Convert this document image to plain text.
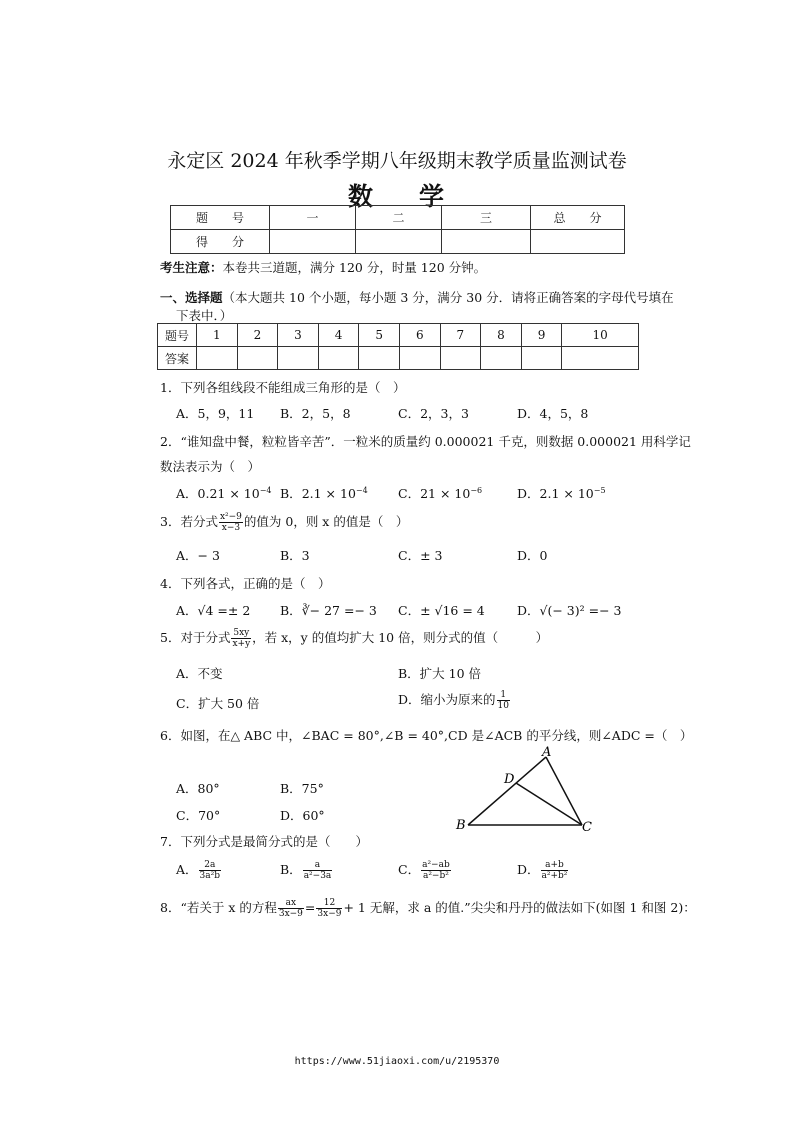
永定区 2024 年秋季学期八年级期末教学质量监测试卷
数 学
题　　号	一	二	三	总　　分
得　　分				
考生注意：本卷共三道题，满分 120 分，时量 120 分钟。
一、选择题（本大题共 10 个小题，每小题 3 分，满分 30 分．请将正确答案的字母代号填在
下表中．）
题号	1	2	3	4	5	6	7	8	9	10
答案										
1．下列各组线段不能组成三角形的是（　）
A．5，9，11 B．2，5，8	C．2，3，3	D．4，5，8
2．“谁知盘中餐，粒粒皆辛苦”．一粒米的质量约 0.000021 千克，则数据 0.000021 用科学记
数法表示为（　）
A．$0.21 \times 10^{-4}$ B．$2.1 \times 10^{-4}$ C．$21 \times 10^{-6}$	D．$2.1 \times 10^{-5}$
3．若分式 $\frac{\text{x²−9}}{x-3}$ 的值为 0，则 x 的值是（　）
A．− 3	B．3	C．± 3	D．0
4．下列各式，正确的是（　）
A．√4 =± 2 B．∛− 27 =− 3 C．± √16 = 4	D．√(− 3)² =− 3
5．对于分式 $\frac{5xy}{x+y}$ ，若 x，y 的值均扩大 10 倍，则分式的值（　　　）
A．不变	B．扩大 10 倍
C．扩大 50 倍	D．缩小为原来的 $\frac{1}{10}$
6．如图，在△ ABC 中，∠BAC = 80°,∠B = 40°,CD 是∠ACB 的平分线，则∠ADC =（　）
A．80°	B．75°
C．70°	D．60°
A
D
B	C
7．下列分式是最简分式的是（　　）
A． $\frac{2a}{\text{3a²b}}$	B． $\frac{a}{\text{a²−3a}}$	C． $\frac{\text{a²−ab}}{\text{a²−b²}}$	D． $\frac{a+b}{\text{a²+b²}}$
8．“若关于 x 的方程 $\frac{ax}{3x-9} = \frac{12}{3x-9} + 1$ 无解，求 a 的值.”尖尖和丹丹的做法如下(如图 1 和图 2)：
https://www.51jiaoxi.com/u/2195370
